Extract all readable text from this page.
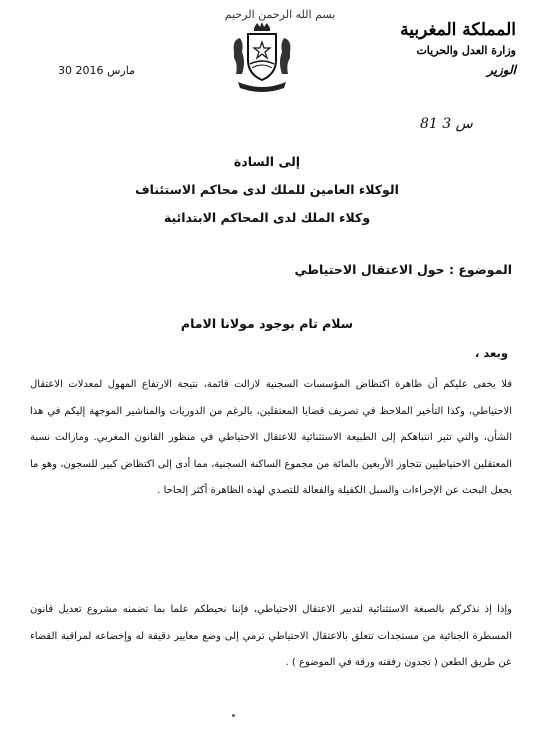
بسم الله الرحمن الرحيم
المملكة المغربية
وزارة العدل والحريات
الوزير
30 مارس 2016
81 س 3
إلى السادة
الوكلاء العامين للملك لدى محاكم الاستئناف
وكلاء الملك لدى المحاكم الابتدائية
الموضوع : حول الاعتقال الاحتياطي
سلام تام بوجود مولانا الامام
وبعد ،

فلا يخفى عليكم أن ظاهرة اكتظاض المؤسسات السجنية لازالت قائمة، نتيجة الارتفاع المهول لمعدلات الاعتقال الاحتياطي، وكذا التأخير الملاحظ في تصريف قضايا المعتقلين، بالرغم من الدوريات والمناشير الموجهة إليكم في هذا الشأن، والتي تثير انتباهكم إلى الطبيعة الاستثنائية للاعتقال الاحتياطي في منظور القانون المغربي. ومازالت نسبة المعتقلين الاحتياطيين تتجاوز الأربعين بالمائة من مجموع الساكنة السجنية، مما أدى إلى اكتظاض كبير للسجون، وهو ما يجعل البحث عن الإجراءات والسبل الكفيلة والفعالة للتصدي لهذه الظاهرة أكثر إلحاحا .

وإذا إذ نذكركم بالصبغة الاستثنائية لتدبير الاعتقال الاحتياطي، فإننا نحيطكم علما بما تضمنه مشروع تعديل قانون المسطرة الجنائية من مستجدات تتعلق بالاعتقال الاحتياطي ترمي إلى وضع معايير دقيقة له وإخضاعه لمراقبة القضاء عن طريق الطعن ( تجدون رفقته ورقة في الموضوع ) .
